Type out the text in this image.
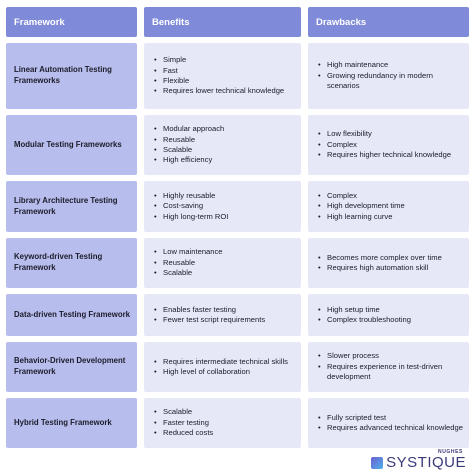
Framework	Benefits	Drawbacks
Linear Automation Testing Frameworks
• Simple
• Fast
• Flexible
• Requires lower technical knowledge
• High maintenance
• Growing redundancy in modern scenarios
Modular Testing Frameworks
• Modular approach
• Reusable
• Scalable
• High efficiency
• Low flexibility
• Complex
• Requires higher technical knowledge
Library Architecture Testing Framework
• Highly reusable
• Cost-saving
• High long-term ROI
• Complex
• High development time
• High learning curve
Keyword-driven Testing Framework
• Low maintenance
• Reusable
• Scalable
• Becomes more complex over time
• Requires high automation skill
Data-driven Testing Framework
• Enables faster testing
• Fewer test script requirements
• High setup time
• Complex troubleshooting
Behavior-Driven Development Framework
• Requires intermediate technical skills
• High level of collaboration
• Slower process
• Requires experience in test-driven development
Hybrid Testing Framework
• Scalable
• Faster testing
• Reduced costs
• Fully scripted test
• Requires advanced technical knowledge
NUGHES
SYSTIQUE
